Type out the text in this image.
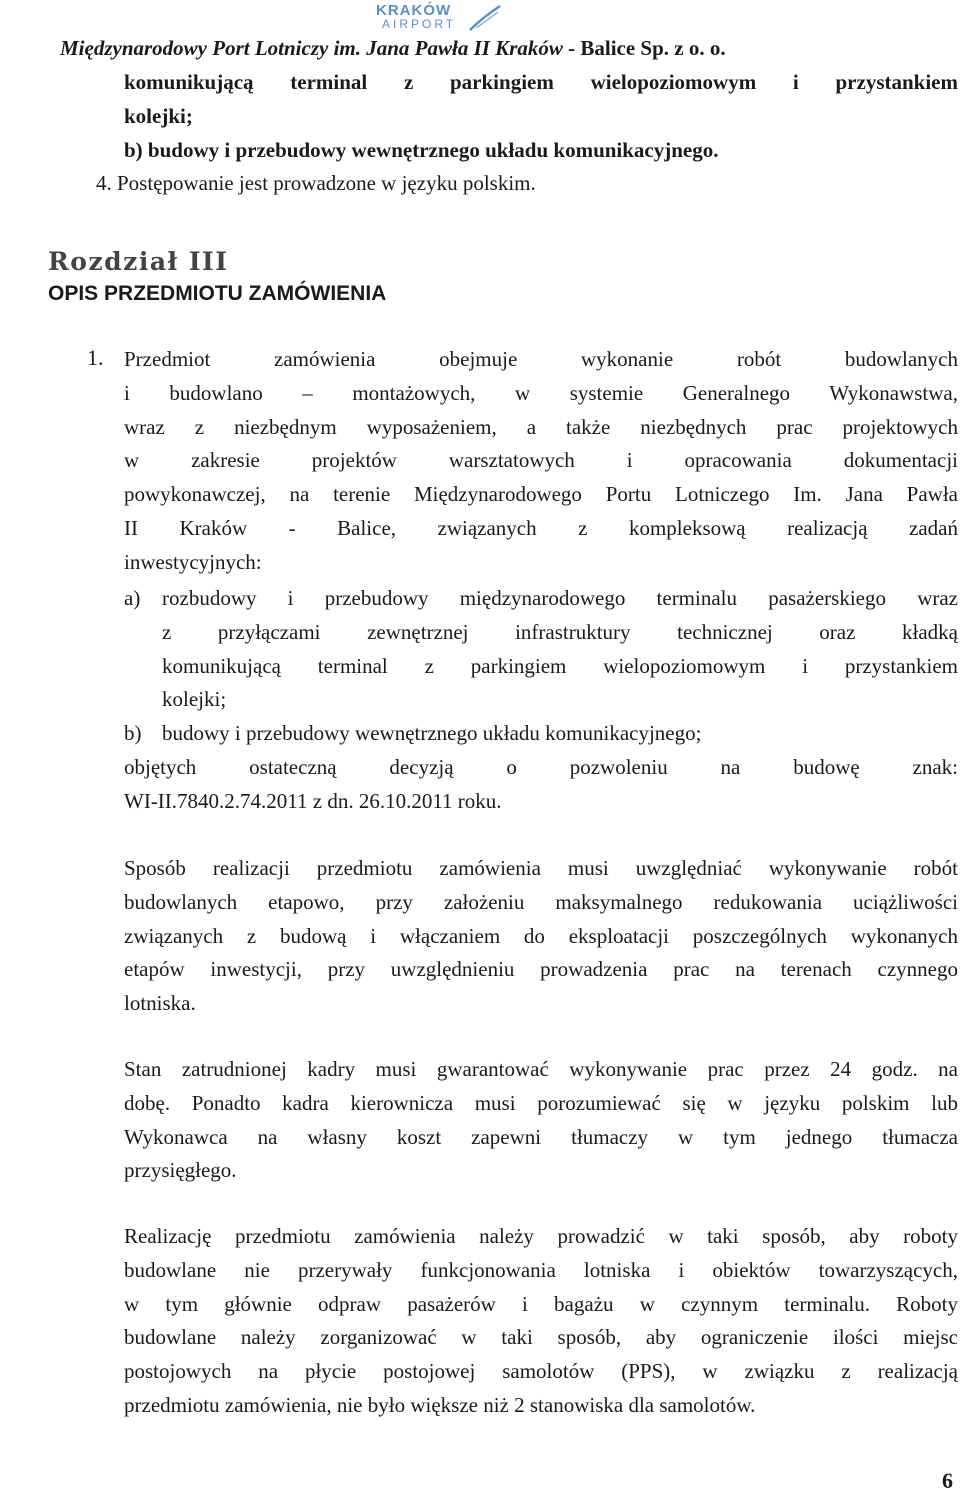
KRAKÓW
AIRPORT
Międzynarodowy Port Lotniczy im. Jana Pawła II Kraków - Balice Sp. z o. o.
komunikującą terminal z parkingiem wielopoziomowym i przystankiem
kolejki;
b) budowy i przebudowy wewnętrznego układu komunikacyjnego.
4. Postępowanie jest prowadzone w języku polskim.
Rozdział III
OPIS PRZEDMIOTU ZAMÓWIENIA
1. Przedmiot zamówienia obejmuje wykonanie robót budowlanych
i budowlano – montażowych, w systemie Generalnego Wykonawstwa,
wraz z niezbędnym wyposażeniem, a także niezbędnych prac projektowych
w zakresie projektów warsztatowych i opracowania dokumentacji
powykonawczej, na terenie Międzynarodowego Portu Lotniczego Im. Jana Pawła
II Kraków - Balice, związanych z kompleksową realizacją zadań
inwestycyjnych:
a) rozbudowy i przebudowy międzynarodowego terminalu pasażerskiego wraz
z przyłączami zewnętrznej infrastruktury technicznej oraz kładką
komunikującą terminal z parkingiem wielopoziomowym i przystankiem
kolejki;
b) budowy i przebudowy wewnętrznego układu komunikacyjnego;
objętych ostateczną decyzją o pozwoleniu na budowę znak:
WI-II.7840.2.74.2011 z dn. 26.10.2011 roku.
Sposób realizacji przedmiotu zamówienia musi uwzględniać wykonywanie robót
budowlanych etapowo, przy założeniu maksymalnego redukowania uciążliwości
związanych z budową i włączaniem do eksploatacji poszczególnych wykonanych
etapów inwestycji, przy uwzględnieniu prowadzenia prac na terenach czynnego
lotniska.
Stan zatrudnionej kadry musi gwarantować wykonywanie prac przez 24 godz. na
dobę. Ponadto kadra kierownicza musi porozumiewać się w języku polskim lub
Wykonawca na własny koszt zapewni tłumaczy w tym jednego tłumacza
przysięgłego.
Realizację przedmiotu zamówienia należy prowadzić w taki sposób, aby roboty
budowlane nie przerywały funkcjonowania lotniska i obiektów towarzyszących,
w tym głównie odpraw pasażerów i bagażu w czynnym terminalu. Roboty
budowlane należy zorganizować w taki sposób, aby ograniczenie ilości miejsc
postojowych na płycie postojowej samolotów (PPS), w związku z realizacją
przedmiotu zamówienia, nie było większe niż 2 stanowiska dla samolotów.
6
